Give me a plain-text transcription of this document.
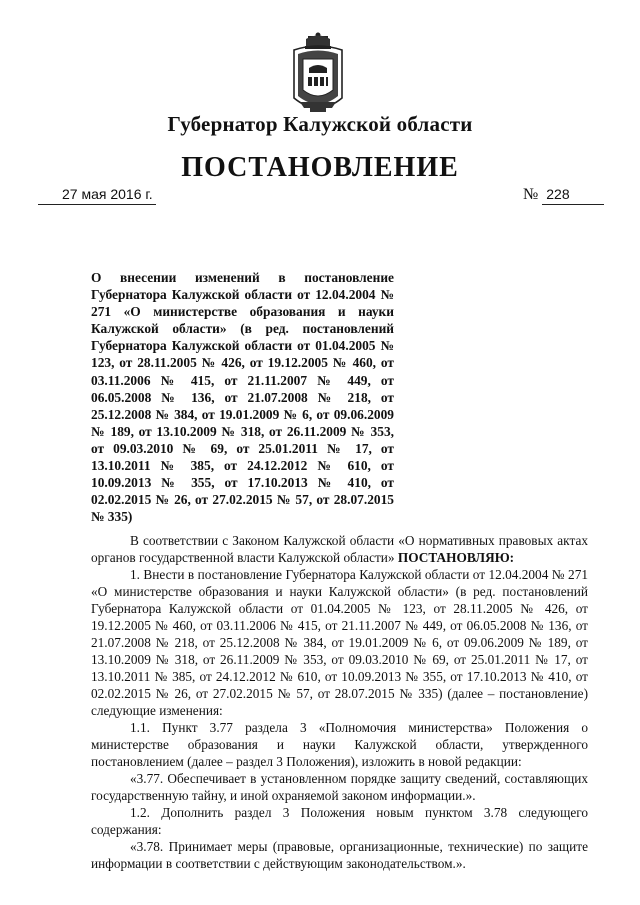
Губернатор Калужской области
ПОСТАНОВЛЕНИЕ
27 мая 2016 г.	№ 228
О внесении изменений в постановление Губернатора Калужской области от 12.04.2004 № 271 «О министерстве образования и науки Калужской области» (в ред. постановлений Губернатора Калужской области от 01.04.2005 № 123, от 28.11.2005 № 426, от 19.12.2005 № 460, от 03.11.2006 № 415, от 21.11.2007 № 449, от 06.05.2008 № 136, от 21.07.2008 № 218, от 25.12.2008 № 384, от 19.01.2009 № 6, от 09.06.2009 № 189, от 13.10.2009 № 318, от 26.11.2009 № 353, от 09.03.2010 № 69, от 25.01.2011 № 17, от 13.10.2011 № 385, от 24.12.2012 № 610, от 10.09.2013 № 355, от 17.10.2013 № 410, от 02.02.2015 № 26, от 27.02.2015 № 57, от 28.07.2015 № 335)

В соответствии с Законом Калужской области «О нормативных правовых актах органов государственной власти Калужской области» ПОСТАНОВЛЯЮ:

1. Внести в постановление Губернатора Калужской области от 12.04.2004 № 271 «О министерстве образования и науки Калужской области» (в ред. постановлений Губернатора Калужской области от 01.04.2005 № 123, от 28.11.2005 № 426, от 19.12.2005 № 460, от 03.11.2006 № 415, от 21.11.2007 № 449, от 06.05.2008 № 136, от 21.07.2008 № 218, от 25.12.2008 № 384, от 19.01.2009 № 6, от 09.06.2009 № 189, от 13.10.2009 № 318, от 26.11.2009 № 353, от 09.03.2010 № 69, от 25.01.2011 № 17, от 13.10.2011 № 385, от 24.12.2012 № 610, от 10.09.2013 № 355, от 17.10.2013 № 410, от 02.02.2015 № 26, от 27.02.2015 № 57, от 28.07.2015 № 335) (далее – постановление) следующие изменения:

1.1. Пункт 3.77 раздела 3 «Полномочия министерства» Положения о министерстве образования и науки Калужской области, утвержденного постановлением (далее – раздел 3 Положения), изложить в новой редакции:

«3.77. Обеспечивает в установленном порядке защиту сведений, составляющих государственную тайну, и иной охраняемой законом информации.».

1.2. Дополнить раздел 3 Положения новым пунктом 3.78 следующего содержания:

«3.78. Принимает меры (правовые, организационные, технические) по защите информации в соответствии с действующим законодательством.».
